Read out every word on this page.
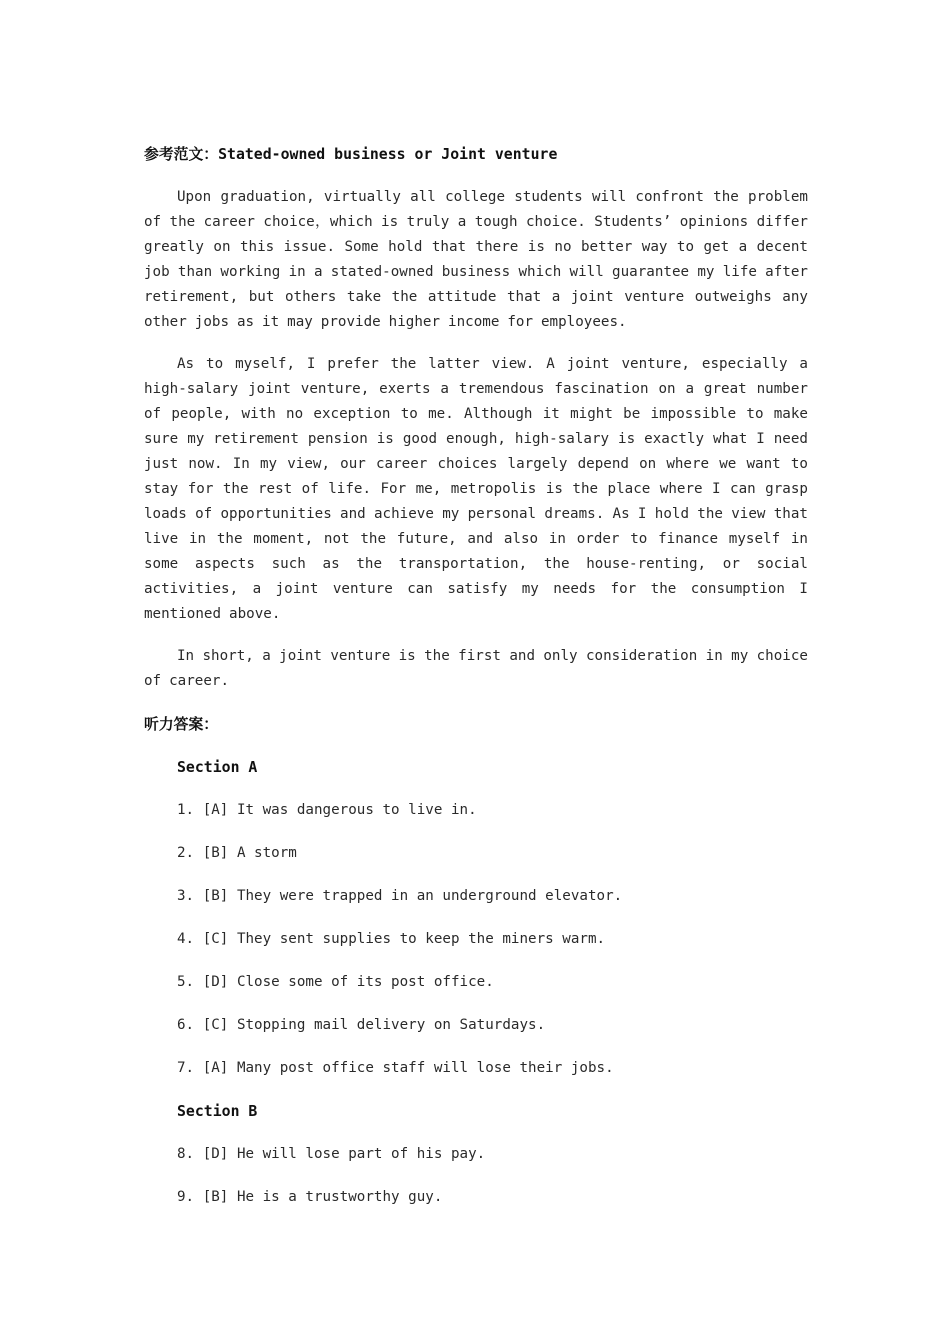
参考范文：Stated-owned business or Joint venture

Upon graduation, virtually all college students will confront the problem of the career choice，which is truly a tough choice. Students’ opinions differ greatly on this issue. Some hold that there is no better way to get a decent job than working in a stated-owned business which will guarantee my life after retirement, but others take the attitude that a joint venture outweighs any other jobs as it may provide higher income for employees.

As to myself, I prefer the latter view. A joint venture, especially a high-salary joint venture, exerts a tremendous fascination on a great number of people, with no exception to me. Although it might be impossible to make sure my retirement pension is good enough, high-salary is exactly what I need just now. In my view, our career choices largely depend on where we want to stay for the rest of life. For me, metropolis is the place where I can grasp loads of opportunities and achieve my personal dreams. As I hold the view that live in the moment, not the future, and also in order to finance myself in some aspects such as the transportation, the house-renting, or social activities, a joint venture can satisfy my needs for the consumption I mentioned above.

In short, a joint venture is the first and only consideration in my choice of career.

听力答案：
Section A
1. [A] It was dangerous to live in.
2. [B] A storm
3. [B] They were trapped in an underground elevator.
4. [C] They sent supplies to keep the miners warm.
5. [D] Close some of its post office.
6. [C] Stopping mail delivery on Saturdays.
7. [A] Many post office staff will lose their jobs.
Section B
8. [D] He will lose part of his pay.
9. [B] He is a trustworthy guy.
